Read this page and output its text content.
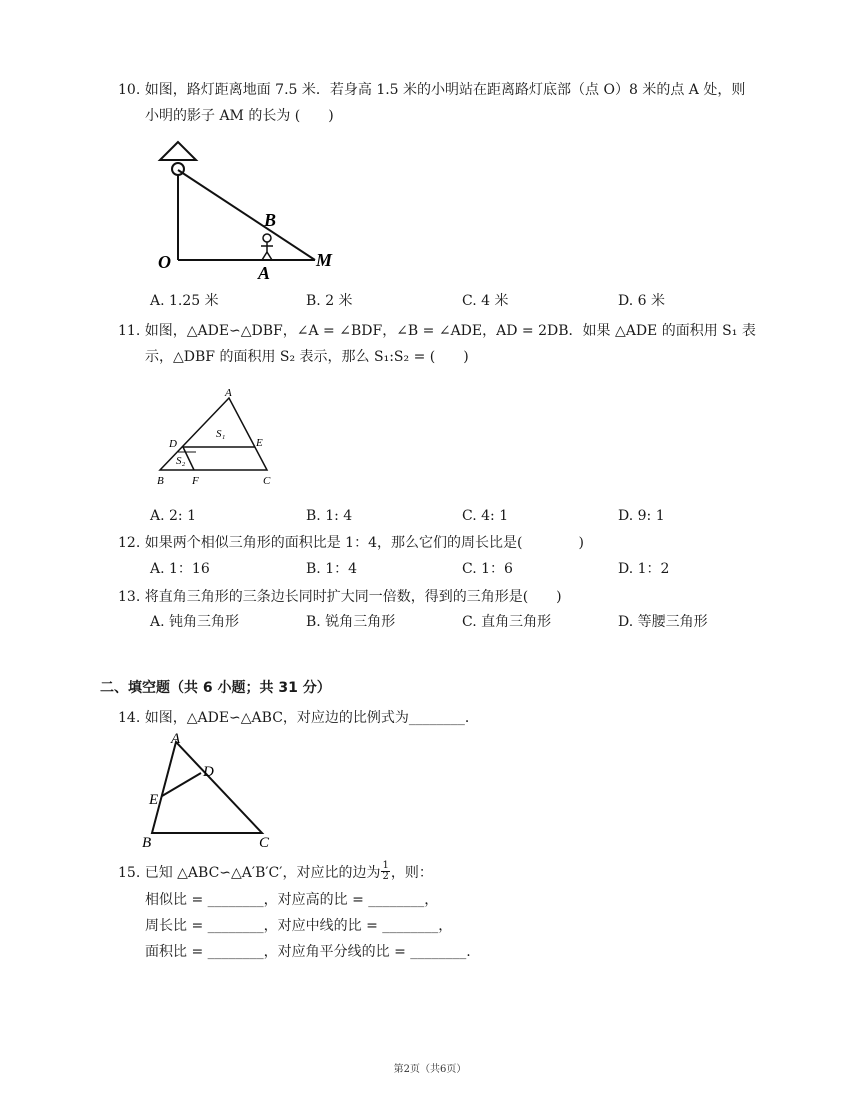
10. 如图，路灯距离地面 7.5 米．若身高 1.5 米的小明站在距离路灯底部（点 O）8 米的点 A 处，则
小明的影子 AM 的长为 (　　)
B
O
A
M
A. 1.25 米	B. 2 米	C. 4 米	D. 6 米
11. 如图，△ADE∽△DBF，∠A = ∠BDF，∠B = ∠ADE，AD = 2DB．如果 △ADE 的面积用 S₁ 表
示，△DBF 的面积用 S₂ 表示，那么 S₁:S₂ = (　　)
A
S₁
D	E
S₂
B	F	C
A. 2: 1	B. 1: 4	C. 4: 1	D. 9: 1
12. 如果两个相似三角形的面积比是 1：4，那么它们的周长比是(　　　　)
A. 1：16	B. 1：4	C. 1：6	D. 1：2
13. 将直角三角形的三条边长同时扩大同一倍数，得到的三角形是(　　)
A. 钝角三角形	B. 锐角三角形	C. 直角三角形	D. 等腰三角形
二、填空题（共 6 小题；共 31 分）
14. 如图，△ADE∽△ABC，对应边的比例式为________．
A
D
E
B	C
15. 已知 △ABC∽△A′B′C′，对应比的边为 $\frac{1}{2}$ ，则：
相似比 = ________，对应高的比 = ________，
周长比 = ________，对应中线的比 = ________，
面积比 = ________，对应角平分线的比 = ________.
第2页（共6页）
